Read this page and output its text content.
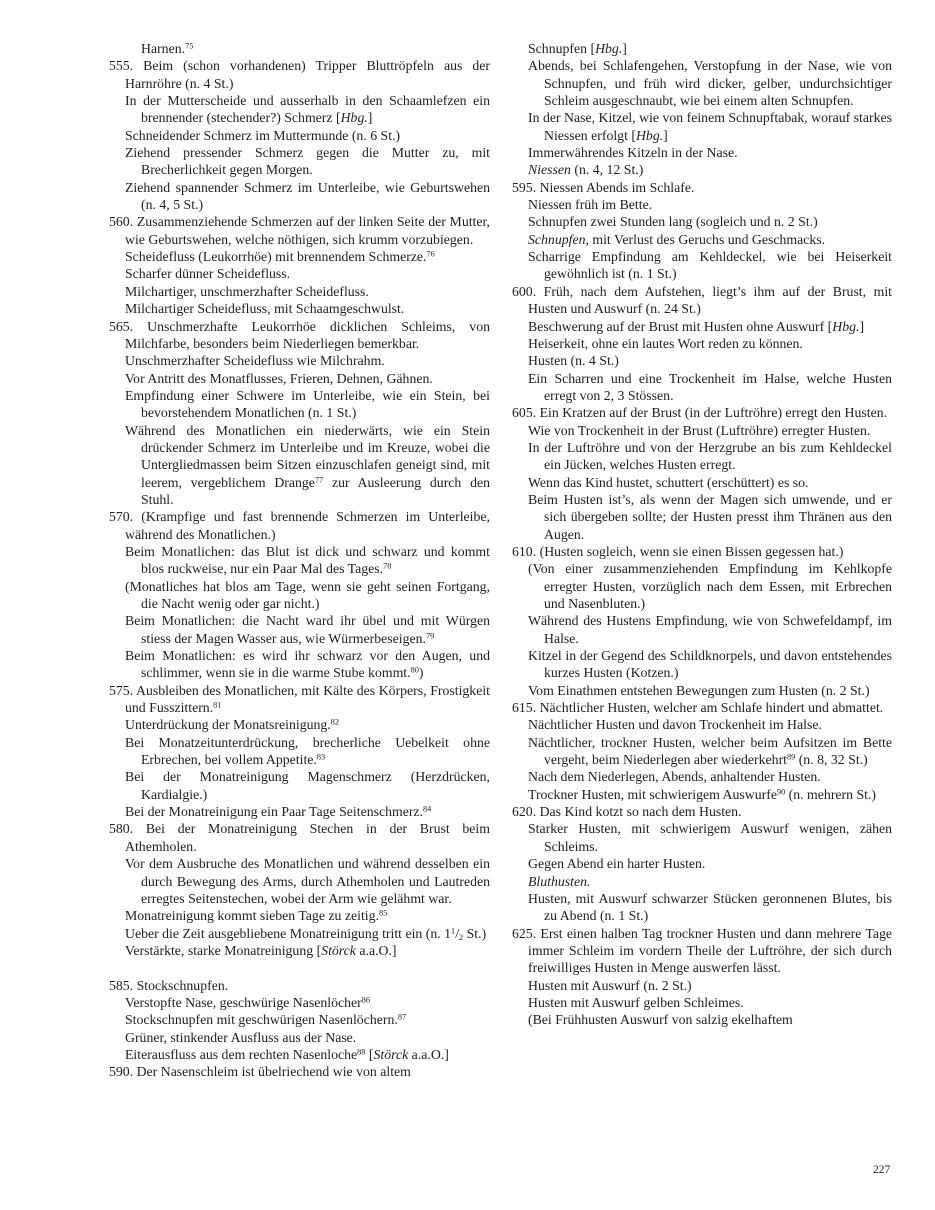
Harnen.$^{75}$

555. Beim (schon vorhandenen) Tripper Bluttröpfeln aus der Harnröhre (n. 4 St.)

In der Mutterscheide und ausserhalb in den Schaamlefzen ein brennender (stechender?) Schmerz [Hbg.]

Schneidender Schmerz im Muttermunde (n. 6 St.)

Ziehend pressender Schmerz gegen die Mutter zu, mit Brecherlichkeit gegen Morgen.

Ziehend spannender Schmerz im Unterleibe, wie Geburtswehen (n. 4, 5 St.)

560. Zusammenziehende Schmerzen auf der linken Seite der Mutter, wie Geburtswehen, welche nöthigen, sich krumm vorzubiegen.

Scheidefluss (Leukorrhöe) mit brennendem Schmerze.$^{76}$

Scharfer dünner Scheidefluss.

Milchartiger, unschmerzhafter Scheidefluss.

Milchartiger Scheidefluss, mit Schaamgeschwulst.

565. Unschmerzhafte Leukorrhöe dicklichen Schleims, von Milchfarbe, besonders beim Niederliegen bemerkbar.

Unschmerzhafter Scheidefluss wie Milchrahm.

Vor Antritt des Monatflusses, Frieren, Dehnen, Gähnen.

Empfindung einer Schwere im Unterleibe, wie ein Stein, bei bevorstehendem Monatlichen (n. 1 St.)

Während des Monatlichen ein niederwärts, wie ein Stein drückender Schmerz im Unterleibe und im Kreuze, wobei die Untergliedmassen beim Sitzen einzuschlafen geneigt sind, mit leerem, vergeblichem Drange$^{77}$ zur Ausleerung durch den Stuhl.

570. (Krampfige und fast brennende Schmerzen im Unterleibe, während des Monatlichen.)

Beim Monatlichen: das Blut ist dick und schwarz und kommt blos ruckweise, nur ein Paar Mal des Tages.$^{78}$

(Monatliches hat blos am Tage, wenn sie geht seinen Fortgang, die Nacht wenig oder gar nicht.)

Beim Monatlichen: die Nacht ward ihr übel und mit Würgen stiess der Magen Wasser aus, wie Würmerbeseigen.$^{79}$

Beim Monatlichen: es wird ihr schwarz vor den Augen, und schlimmer, wenn sie in die warme Stube kommt.$^{80}$)

575. Ausbleiben des Monatlichen, mit Kälte des Körpers, Frostigkeit und Fusszittern.$^{81}$

Unterdrückung der Monatsreinigung.$^{82}$

Bei Monatzeitunterdrückung, brecherliche Uebelkeit ohne Erbrechen, bei vollem Appetite.$^{83}$

Bei der Monatreinigung Magenschmerz (Herzdrücken, Kardialgie.)

Bei der Monatreinigung ein Paar Tage Seitenschmerz.$^{84}$

580. Bei der Monatreinigung Stechen in der Brust beim Athemholen.

Vor dem Ausbruche des Monatlichen und während desselben ein durch Bewegung des Arms, durch Athemholen und Lautreden erregtes Seitenstechen, wobei der Arm wie gelähmt war.

Monatreinigung kommt sieben Tage zu zeitig.$^{85}$

Ueber die Zeit ausgebliebene Monatreinigung tritt ein (n. $1^1/_2$ St.)

Verstärkte, starke Monatreinigung [Störck a.a.O.]

585. Stockschnupfen.

Verstopfte Nase, geschwürige Nasenlöcher$^{86}$

Stockschnupfen mit geschwürigen Nasenlöchern.$^{87}$

Grüner, stinkender Ausfluss aus der Nase.

Eiterausfluss aus dem rechten Nasenloche$^{88}$ [Störck a.a.O.]

590. Der Nasenschleim ist übelriechend wie von altem

Schnupfen [Hbg.]

Abends, bei Schlafengehen, Verstopfung in der Nase, wie von Schnupfen, und früh wird dicker, gelber, undurchsichtiger Schleim ausgeschnaubt, wie bei einem alten Schnupfen.

In der Nase, Kitzel, wie von feinem Schnupftabak, worauf starkes Niessen erfolgt [Hbg.]

Immerwährendes Kitzeln in der Nase.

Niessen (n. 4, 12 St.)

595. Niessen Abends im Schlafe.

Niessen früh im Bette.

Schnupfen zwei Stunden lang (sogleich und n. 2 St.)

Schnupfen, mit Verlust des Geruchs und Geschmacks.

Scharrige Empfindung am Kehldeckel, wie bei Heiserkeit gewöhnlich ist (n. 1 St.)

600. Früh, nach dem Aufstehen, liegt’s ihm auf der Brust, mit Husten und Auswurf (n. 24 St.)

Beschwerung auf der Brust mit Husten ohne Auswurf [Hbg.]

Heiserkeit, ohne ein lautes Wort reden zu können.

Husten (n. 4 St.)

Ein Scharren und eine Trockenheit im Halse, welche Husten erregt von 2, 3 Stössen.

605. Ein Kratzen auf der Brust (in der Luftröhre) erregt den Husten.

Wie von Trockenheit in der Brust (Luftröhre) erregter Husten.

In der Luftröhre und von der Herzgrube an bis zum Kehldeckel ein Jücken, welches Husten erregt.

Wenn das Kind hustet, schuttert (erschüttert) es so.

Beim Husten ist’s, als wenn der Magen sich umwende, und er sich übergeben sollte; der Husten presst ihm Thränen aus den Augen.

610. (Husten sogleich, wenn sie einen Bissen gegessen hat.)

(Von einer zusammenziehenden Empfindung im Kehlkopfe erregter Husten, vorzüglich nach dem Essen, mit Erbrechen und Nasenbluten.)

Während des Hustens Empfindung, wie von Schwefeldampf, im Halse.

Kitzel in der Gegend des Schildknorpels, und davon entstehendes kurzes Husten (Kotzen.)

Vom Einathmen entstehen Bewegungen zum Husten (n. 2 St.)

615. Nächtlicher Husten, welcher am Schlafe hindert und abmattet.

Nächtlicher Husten und davon Trockenheit im Halse.

Nächtlicher, trockner Husten, welcher beim Aufsitzen im Bette vergeht, beim Niederlegen aber wiederkehrt$^{89}$ (n. 8, 32 St.)

Nach dem Niederlegen, Abends, anhaltender Husten.

Trockner Husten, mit schwierigem Auswurfe$^{90}$ (n. mehrern St.)

620. Das Kind kotzt so nach dem Husten.

Starker Husten, mit schwierigem Auswurf wenigen, zähen Schleims.

Gegen Abend ein harter Husten.

Bluthusten.

Husten, mit Auswurf schwarzer Stücken geronnenen Blutes, bis zu Abend (n. 1 St.)

625. Erst einen halben Tag trockner Husten und dann mehrere Tage immer Schleim im vordern Theile der Luftröhre, der sich durch freiwilliges Husten in Menge auswerfen lässt.

Husten mit Auswurf (n. 2 St.)

Husten mit Auswurf gelben Schleimes.

(Bei Frühhusten Auswurf von salzig ekelhaftem

227
